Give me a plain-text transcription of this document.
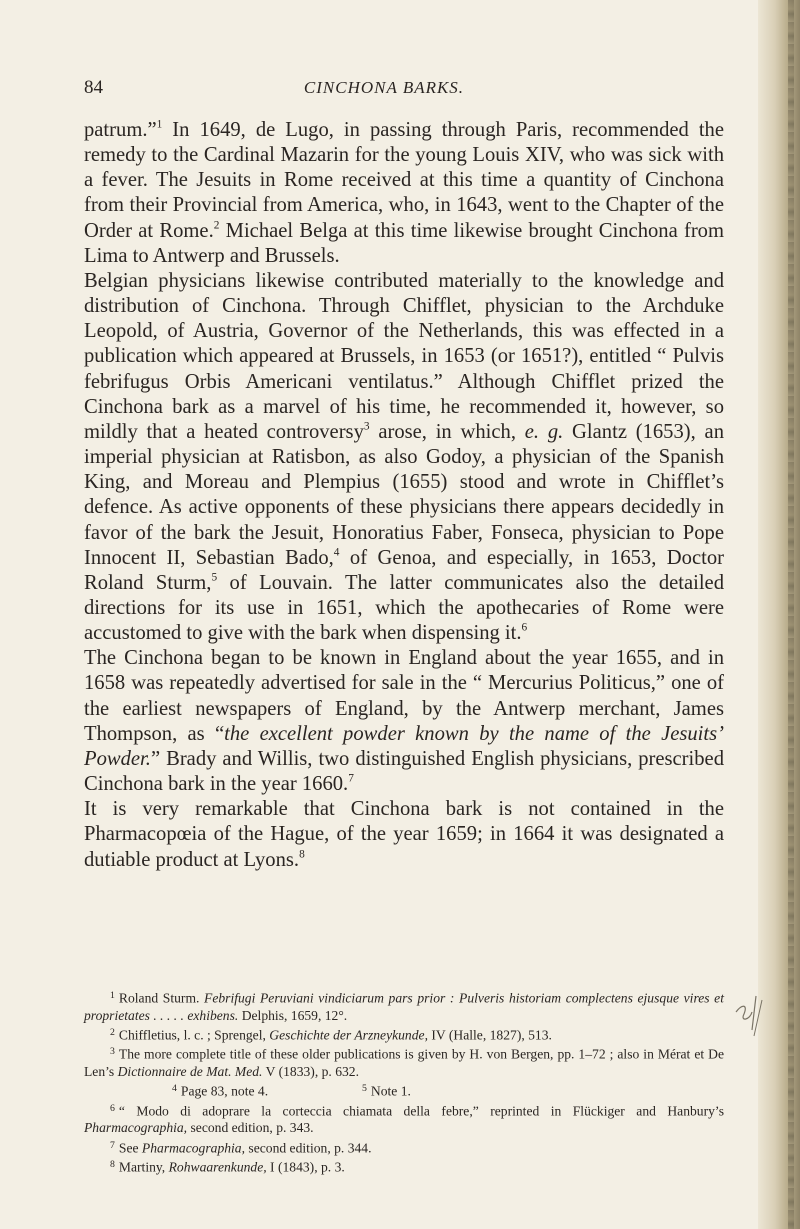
84	CINCHONA BARKS.

patrum.”$^1$ In 1649, de Lugo, in passing through Paris, recommended the remedy to the Cardinal Mazarin for the young Louis XIV, who was sick with a fever. The Jesuits in Rome received at this time a quantity of Cinchona from their Provincial from America, who, in 1643, went to the Chapter of the Order at Rome.$^2$ Michael Belga at this time likewise brought Cinchona from Lima to Antwerp and Brussels.

Belgian physicians likewise contributed materially to the knowledge and distribution of Cinchona. Through Chifflet, physician to the Archduke Leopold, of Austria, Governor of the Netherlands, this was effected in a publication which appeared at Brussels, in 1653 (or 1651?), entitled “ Pulvis febrifugus Orbis Americani ventilatus.” Although Chifflet prized the Cinchona bark as a marvel of his time, he recommended it, however, so mildly that a heated controversy$^3$ arose, in which, e. g. Glantz (1653), an imperial physician at Ratisbon, as also Godoy, a physician of the Spanish King, and Moreau and Plempius (1655) stood and wrote in Chifflet’s defence. As active opponents of these physicians there appears decidedly in favor of the bark the Jesuit, Honoratius Faber, Fonseca, physician to Pope Innocent II, Sebastian Bado,$^4$ of Genoa, and especially, in 1653, Doctor Roland Sturm,$^5$ of Louvain. The latter communicates also the detailed directions for its use in 1651, which the apothecaries of Rome were accustomed to give with the bark when dispensing it.$^6$

The Cinchona began to be known in England about the year 1655, and in 1658 was repeatedly advertised for sale in the “ Mercurius Politicus,” one of the earliest newspapers of England, by the Antwerp merchant, James Thompson, as “the excellent powder known by the name of the Jesuits’ Powder.” Brady and Willis, two distinguished English physicians, prescribed Cinchona bark in the year 1660.$^7$

It is very remarkable that Cinchona bark is not contained in the Pharmacopœia of the Hague, of the year 1659; in 1664 it was designated a dutiable product at Lyons.$^8$

$^1$ Roland Sturm. Febrifugi Peruviani vindiciarum pars prior : Pulveris historiam complectens ejusque vires et proprietates . . . . . exhibens. Delphis, 1659, 12°.

$^2$ Chiffletius, l. c. ; Sprengel, Geschichte der Arzneykunde, IV (Halle, 1827), 513.

$^3$ The more complete title of these older publications is given by H. von Bergen, pp. 1–72 ; also in Mérat et De Len’s Dictionnaire de Mat. Med. V (1833), p. 632.

$^4$ Page 83, note 4.	$^5$ Note 1.

$^6$ “ Modo di adoprare la corteccia chiamata della febre,” reprinted in Flückiger and Hanbury’s Pharmacographia, second edition, p. 343.

$^7$ See Pharmacographia, second edition, p. 344.

$^8$ Martiny, Rohwaarenkunde, I (1843), p. 3.
